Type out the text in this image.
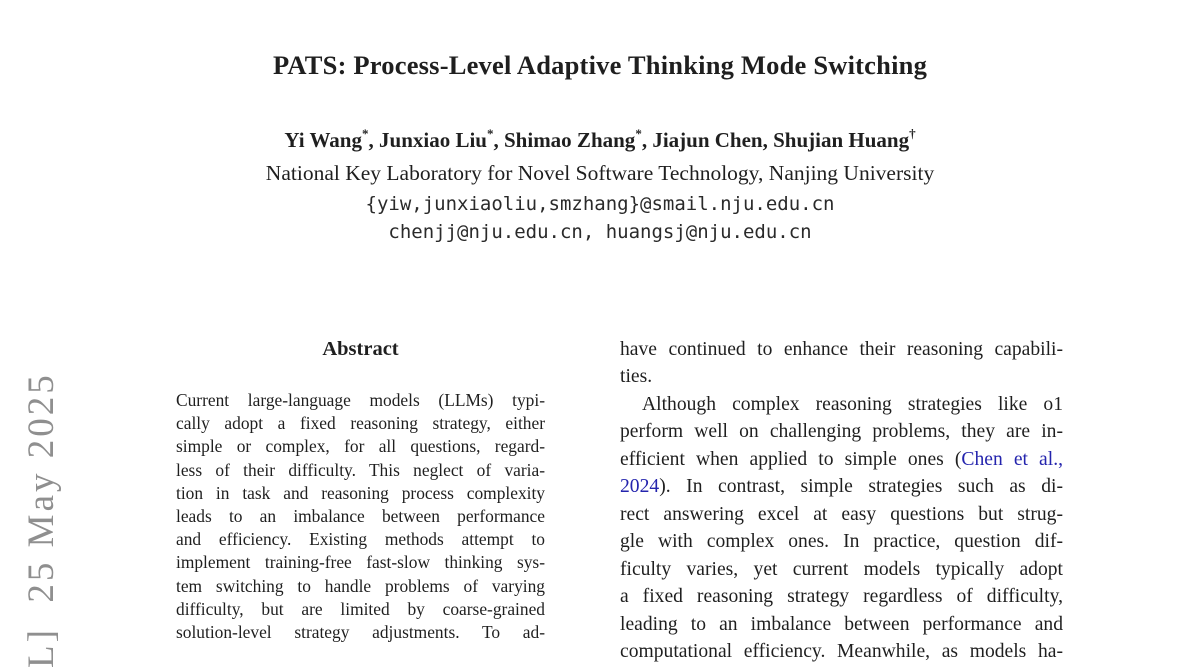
L]  25 May 2025
PATS: Process-Level Adaptive Thinking Mode Switching
Yi Wang*, Junxiao Liu*, Shimao Zhang*, Jiajun Chen, Shujian Huang†
National Key Laboratory for Novel Software Technology, Nanjing University
{yiw,junxiaoliu,smzhang}@smail.nju.edu.cn
chenjj@nju.edu.cn, huangsj@nju.edu.cn
Abstract
Current large-language models (LLMs) typi-
cally adopt a fixed reasoning strategy, either
simple or complex, for all questions, regard-
less of their difficulty. This neglect of varia-
tion in task and reasoning process complexity
leads to an imbalance between performance
and efficiency. Existing methods attempt to
implement training-free fast-slow thinking sys-
tem switching to handle problems of varying
difficulty, but are limited by coarse-grained
solution-level strategy adjustments. To ad-
have continued to enhance their reasoning capabili-
ties.
Although complex reasoning strategies like o1
perform well on challenging problems, they are in-
efficient when applied to simple ones (Chen et al.,
2024). In contrast, simple strategies such as di-
rect answering excel at easy questions but strug-
gle with complex ones. In practice, question dif-
ficulty varies, yet current models typically adopt
a fixed reasoning strategy regardless of difficulty,
leading to an imbalance between performance and
computational efficiency. Meanwhile, as models ha-
